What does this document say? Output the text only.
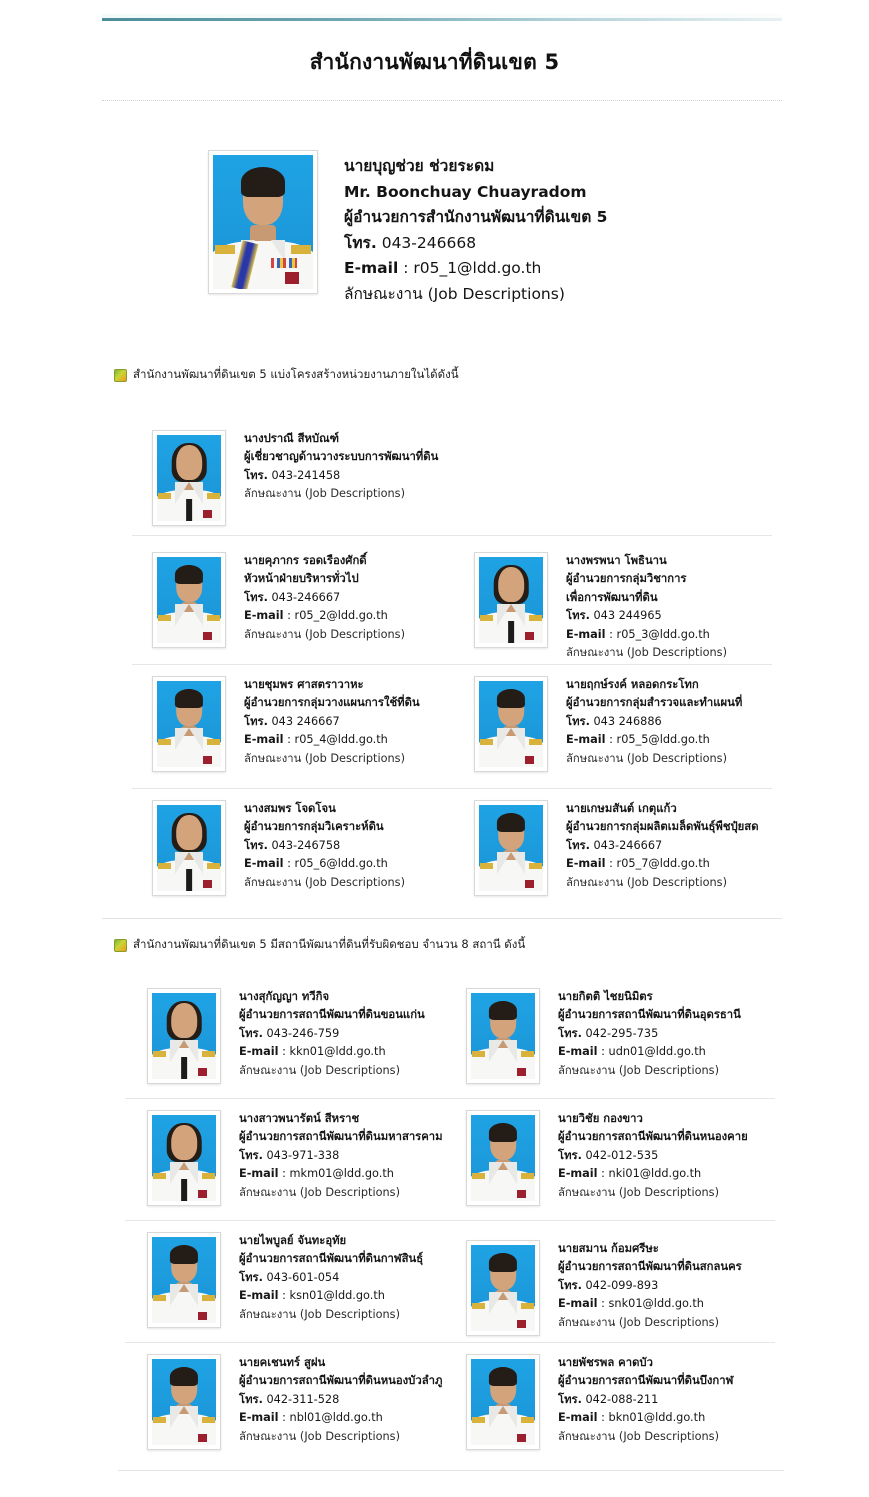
สำนักงานพัฒนาที่ดินเขต 5
นายบุญช่วย ช่วยระดม
Mr. Boonchuay Chuayradom
ผู้อำนวยการสำนักงานพัฒนาที่ดินเขต 5
โทร. 043-246668
E-mail : r05_1@ldd.go.th
ลักษณะงาน (Job Descriptions)
สำนักงานพัฒนาที่ดินเขต 5 แบ่งโครงสร้างหน่วยงานภายในได้ดังนี้
นางปราณี สีหบัณฑ์
ผู้เชี่ยวชาญด้านวางระบบการพัฒนาที่ดิน
โทร. 043-241458
ลักษณะงาน (Job Descriptions)
นายคุภากร รอดเรืองศักดิ์
หัวหน้าฝ่ายบริหารทั่วไป
โทร. 043-246667
E-mail : r05_2@ldd.go.th
ลักษณะงาน (Job Descriptions)
นางพรพนา โพธินาน
ผู้อำนวยการกลุ่มวิชาการ
เพื่อการพัฒนาที่ดิน
โทร. 043 244965
E-mail : r05_3@ldd.go.th
ลักษณะงาน (Job Descriptions)
นายชุมพร ศาสตราวาหะ
ผู้อำนวยการกลุ่มวางแผนการใช้ที่ดิน
โทร. 043 246667
E-mail : r05_4@ldd.go.th
ลักษณะงาน (Job Descriptions)
นายฤกษ์รงค์ หลอดกระโทก
ผู้อำนวยการกลุ่มสำรวจและทำแผนที่
โทร. 043 246886
E-mail : r05_5@ldd.go.th
ลักษณะงาน (Job Descriptions)
นางสมพร โจดโจน
ผู้อำนวยการกลุ่มวิเคราะห์ดิน
โทร. 043-246758
E-mail : r05_6@ldd.go.th
ลักษณะงาน (Job Descriptions)
นายเกษมสันต์ เกตุแก้ว
ผู้อำนวยการกลุ่มผลิตเมล็ดพันธุ์พืชปุ๋ยสด
โทร. 043-246667
E-mail : r05_7@ldd.go.th
ลักษณะงาน (Job Descriptions)
สำนักงานพัฒนาที่ดินเขต 5 มีสถานีพัฒนาที่ดินที่รับผิดชอบ จำนวน 8 สถานี ดังนี้
นางสุกัญญา ทวีกิจ
ผู้อำนวยการสถานีพัฒนาที่ดินขอนแก่น
โทร. 043-246-759
E-mail : kkn01@ldd.go.th
ลักษณะงาน (Job Descriptions)
นายกิตติ ไชยนิมิตร
ผู้อำนวยการสถานีพัฒนาที่ดินอุดรธานี
โทร. 042-295-735
E-mail : udn01@ldd.go.th
ลักษณะงาน (Job Descriptions)
นางสาวพนารัตน์ สีหราช
ผู้อำนวยการสถานีพัฒนาที่ดินมหาสารคาม
โทร. 043-971-338
E-mail : mkm01@ldd.go.th
ลักษณะงาน (Job Descriptions)
นายวิชัย กองขาว
ผู้อำนวยการสถานีพัฒนาที่ดินหนองคาย
โทร. 042-012-535
E-mail : nki01@ldd.go.th
ลักษณะงาน (Job Descriptions)
นายไพบูลย์ จันทะอุทัย
ผู้อำนวยการสถานีพัฒนาที่ดินกาฬสินธุ์
โทร. 043-601-054
E-mail : ksn01@ldd.go.th
ลักษณะงาน (Job Descriptions)
นายสมาน ก้อมศรีษะ
ผู้อำนวยการสถานีพัฒนาที่ดินสกลนคร
โทร. 042-099-893
E-mail : snk01@ldd.go.th
ลักษณะงาน (Job Descriptions)
นายคเชนทร์ สูฝน
ผู้อำนวยการสถานีพัฒนาที่ดินหนองบัวลำภู
โทร. 042-311-528
E-mail : nbl01@ldd.go.th
ลักษณะงาน (Job Descriptions)
นายพัชรพล คาดบัว
ผู้อำนวยการสถานีพัฒนาที่ดินบึงกาฬ
โทร. 042-088-211
E-mail : bkn01@ldd.go.th
ลักษณะงาน (Job Descriptions)
